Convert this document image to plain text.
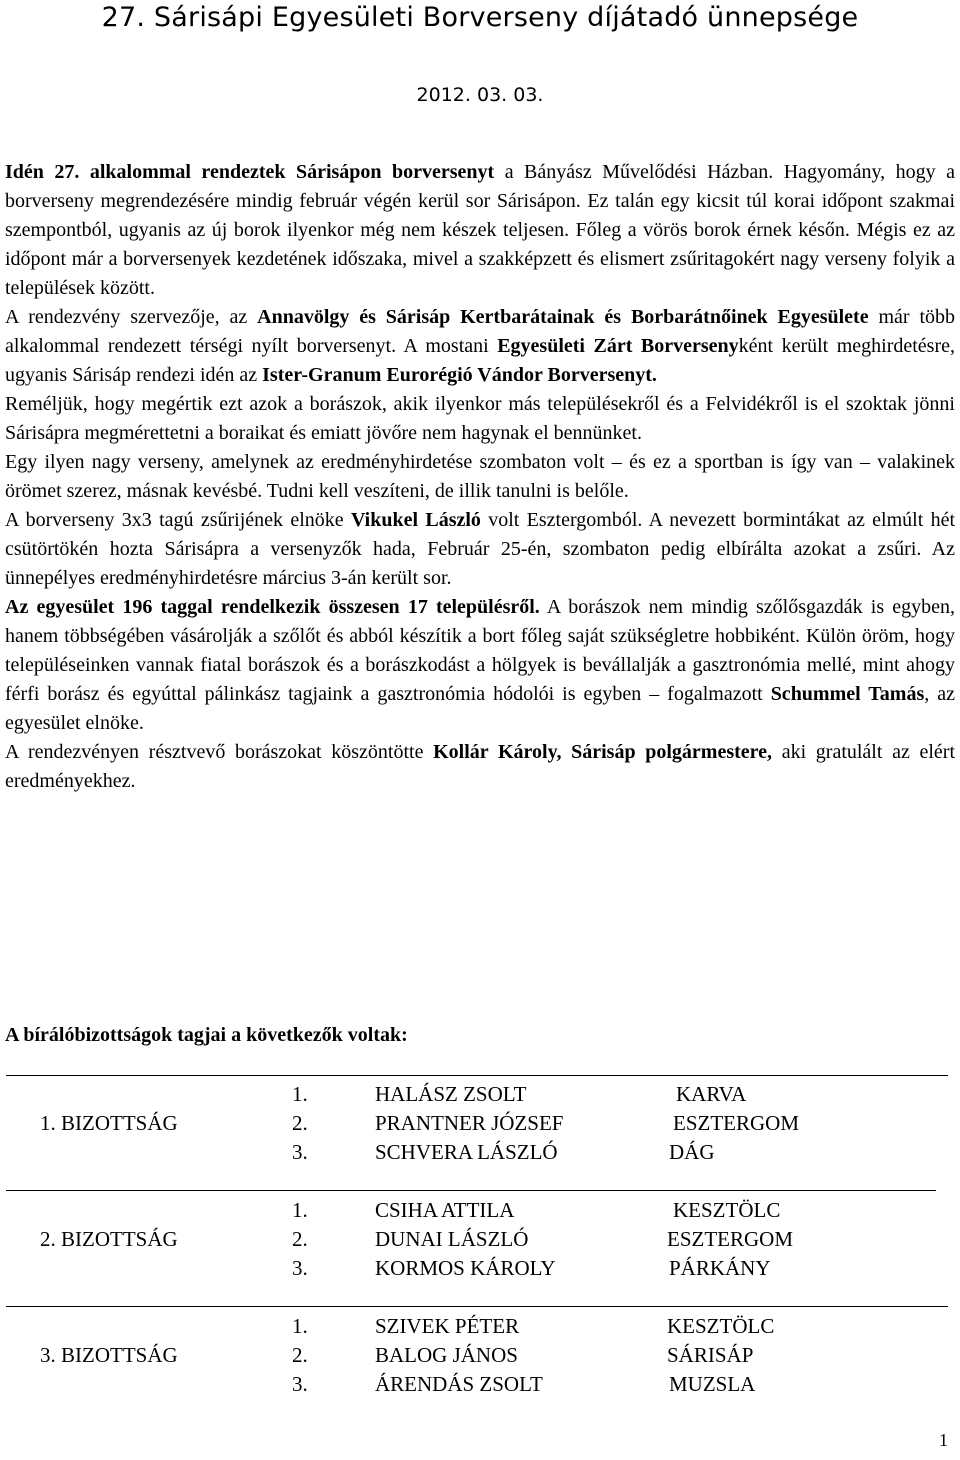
27. Sárisápi Egyesületi Borverseny díjátadó ünnepsége
2012. 03. 03.

Idén 27. alkalommal rendeztek Sárisápon borversenyt a Bányász Művelődési Házban. Hagyomány, hogy a borverseny megrendezésére mindig február végén kerül sor Sárisápon. Ez talán egy kicsit túl korai időpont szakmai szempontból, ugyanis az új borok ilyenkor még nem készek teljesen. Főleg a vörös borok érnek későn. Mégis ez az időpont már a borversenyek kezdetének időszaka, mivel a szakképzett és elismert zsűritagokért nagy verseny folyik a települések között.

A rendezvény szervezője, az Annavölgy és Sárisáp Kertbarátainak és Borbarátnőinek Egyesülete már több alkalommal rendezett térségi nyílt borversenyt. A mostani Egyesületi Zárt Borversenyként került meghirdetésre, ugyanis Sárisáp rendezi idén az Ister-Granum Eurorégió Vándor Borversenyt.

Reméljük, hogy megértik ezt azok a borászok, akik ilyenkor más településekről és a Felvidékről is el szoktak jönni Sárisápra megmérettetni a boraikat és emiatt jövőre nem hagynak el bennünket.

Egy ilyen nagy verseny, amelynek az eredményhirdetése szombaton volt – és ez a sportban is így van – valakinek örömet szerez, másnak kevésbé. Tudni kell veszíteni, de illik tanulni is belőle.

A borverseny 3x3 tagú zsűrijének elnöke Vikukel László volt Esztergomból. A nevezett bormintákat az elmúlt hét csütörtökén hozta Sárisápra a versenyzők hada, Február 25-én, szombaton pedig elbírálta azokat a zsűri. Az ünnepélyes eredményhirdetésre március 3-án került sor.

Az egyesület 196 taggal rendelkezik összesen 17 településről. A borászok nem mindig szőlősgazdák is egyben, hanem többségében vásárolják a szőlőt és abból készítik a bort főleg saját szükségletre hobbiként. Külön öröm, hogy településeinken vannak fiatal borászok és a borászkodást a hölgyek is bevállalják a gasztronómia mellé, mint ahogy férfi borász és egyúttal pálinkász tagjaink a gasztronómia hódolói is egyben – fogalmazott Schummel Tamás, az egyesület elnöke.

A rendezvényen résztvevő borászokat köszöntötte Kollár Károly, Sárisáp polgármestere, aki gratulált az elért eredményekhez.

A bírálóbizottságok tagjai a következők voltak:
1. BIZOTTSÁG
1.	HALÁSZ ZSOLT	KARVA
2.	PRANTNER JÓZSEF	ESZTERGOM
3.	SCHVERA LÁSZLÓ	DÁG
2. BIZOTTSÁG
1.	CSIHA ATTILA	KESZTÖLC
2.	DUNAI LÁSZLÓ	ESZTERGOM
3.	KORMOS KÁROLY	PÁRKÁNY
3. BIZOTTSÁG
1.	SZIVEK PÉTER	KESZTÖLC
2.	BALOG JÁNOS	SÁRISÁP
3.	ÁRENDÁS ZSOLT	MUZSLA
1
